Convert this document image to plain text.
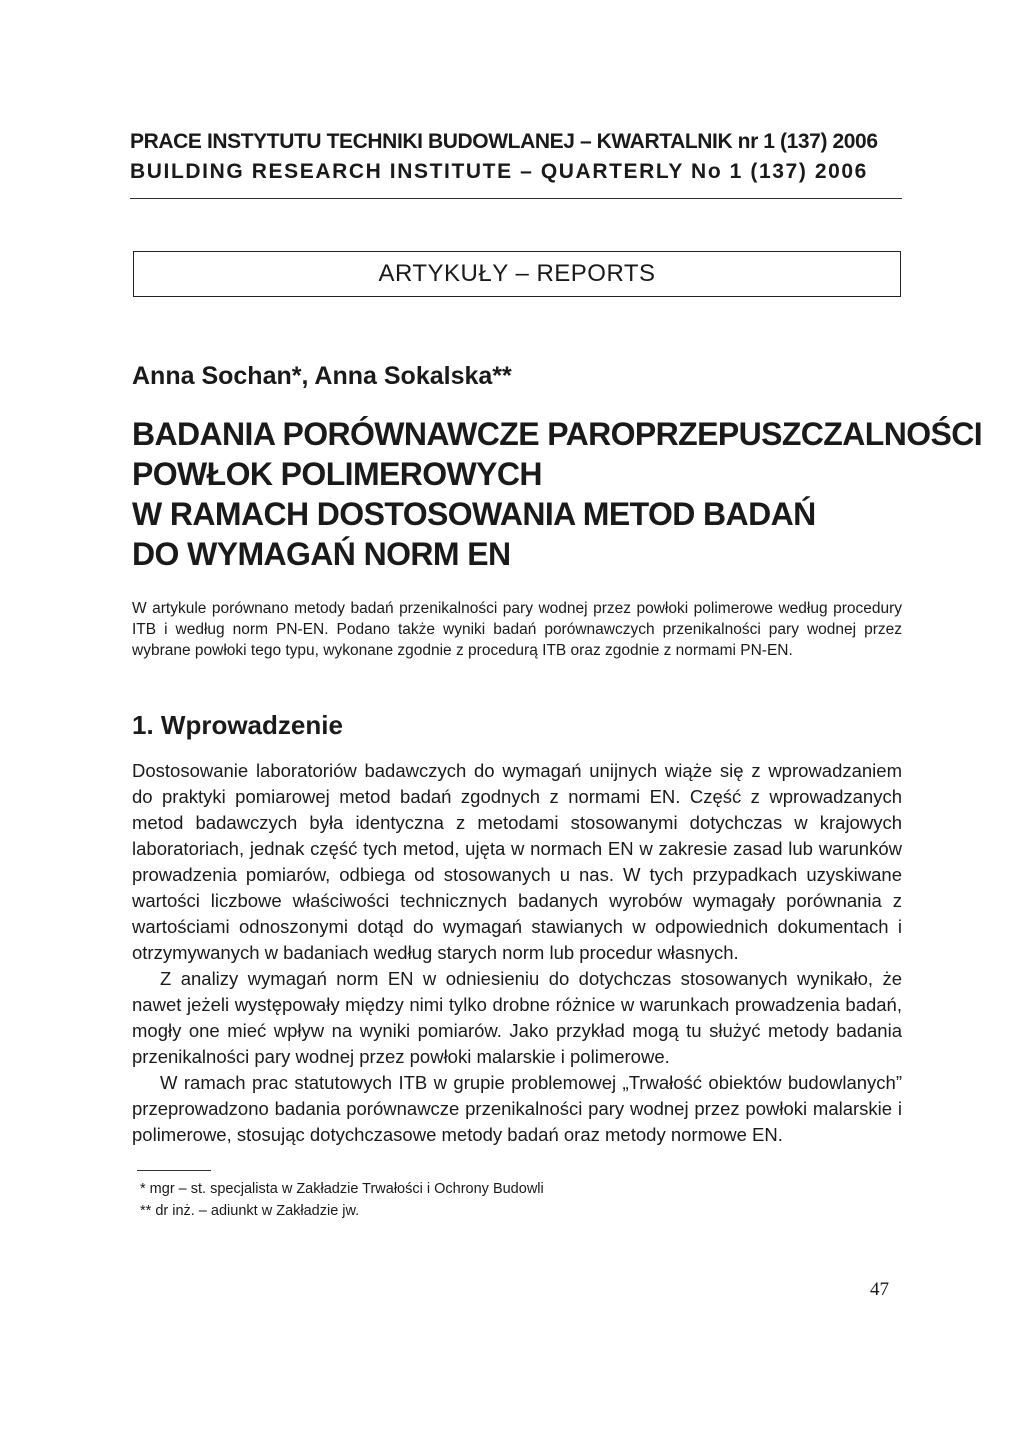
PRACE INSTYTUTU TECHNIKI BUDOWLANEJ – KWARTALNIK nr 1 (137) 2006
BUILDING RESEARCH INSTITUTE – QUARTERLY No 1 (137) 2006
ARTYKUŁY – REPORTS
Anna Sochan*, Anna Sokalska**
BADANIA PORÓWNAWCZE PAROPRZEPUSZCZALNOŚCI
POWŁOK POLIMEROWYCH
W RAMACH DOSTOSOWANIA METOD BADAŃ
DO WYMAGAŃ NORM EN
W artykule porównano metody badań przenikalności pary wodnej przez powłoki polimerowe według procedury ITB i według norm PN-EN. Podano także wyniki badań porównawczych przenikalności pary wodnej przez wybrane powłoki tego typu, wykonane zgodnie z procedurą ITB oraz zgodnie z normami PN-EN.
1. Wprowadzenie

Dostosowanie laboratoriów badawczych do wymagań unijnych wiąże się z wprowadzaniem do praktyki pomiarowej metod badań zgodnych z normami EN. Część z wprowadzanych metod badawczych była identyczna z metodami stosowanymi dotychczas w krajowych laboratoriach, jednak część tych metod, ujęta w normach EN w zakresie zasad lub warunków prowadzenia pomiarów, odbiega od stosowanych u nas. W tych przypadkach uzyskiwane wartości liczbowe właściwości technicznych badanych wyrobów wymagały porównania z wartościami odnoszonymi dotąd do wymagań stawianych w odpowiednich dokumentach i otrzymywanych w badaniach według starych norm lub procedur własnych.

Z analizy wymagań norm EN w odniesieniu do dotychczas stosowanych wynikało, że nawet jeżeli występowały między nimi tylko drobne różnice w warunkach prowadzenia badań, mogły one mieć wpływ na wyniki pomiarów. Jako przykład mogą tu służyć metody badania przenikalności pary wodnej przez powłoki malarskie i polimerowe.

W ramach prac statutowych ITB w grupie problemowej „Trwałość obiektów budowlanych” przeprowadzono badania porównawcze przenikalności pary wodnej przez powłoki malarskie i polimerowe, stosując dotychczasowe metody badań oraz metody normowe EN.

* mgr – st. specjalista w Zakładzie Trwałości i Ochrony Budowli
** dr inż. – adiunkt w Zakładzie jw.
47
